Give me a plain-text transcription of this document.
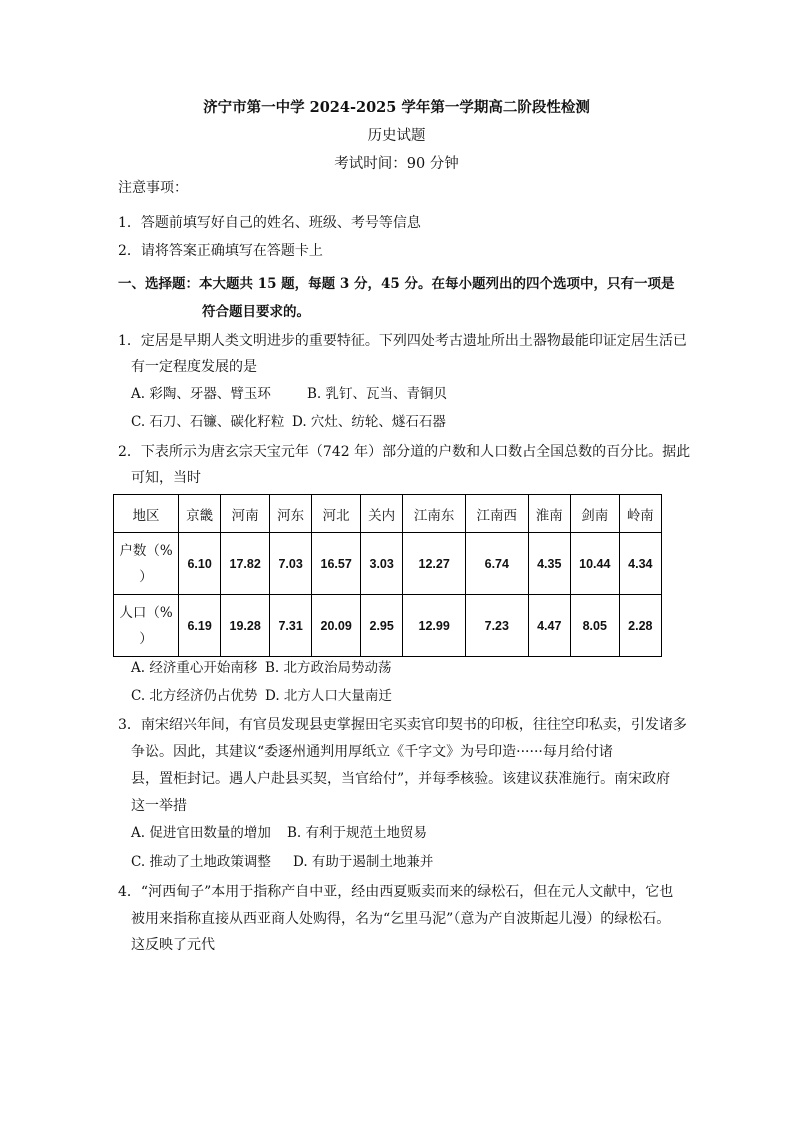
济宁市第一中学 2024-2025 学年第一学期高二阶段性检测
历史试题
考试时间：90 分钟
注意事项：
1．答题前填写好自己的姓名、班级、考号等信息
2．请将答案正确填写在答题卡上
一、选择题：本大题共 15 题，每题 3 分，45 分。在每小题列出的四个选项中，只有一项是
符合题目要求的。
1．定居是早期人类文明进步的重要特征。下列四处考古遗址所出土器物最能印证定居生活已
有一定程度发展的是
A. 彩陶、牙器、臂玉环	B. 乳钉、瓦当、青铜贝
C. 石刀、石镰、碳化籽粒 D. 穴灶、纺轮、燧石石器
2．下表所示为唐玄宗天宝元年（742 年）部分道的户数和人口数占全国总数的百分比。据此
可知，当时
地区	京畿	河南	河东	河北	关内	江南东	江南西	淮南	剑南	岭南

户数（%
）	6.10	17.82	7.03	16.57	3.03	12.27	6.74	4.35	10.44	4.34

人口（%
）	6.19	19.28	7.31	20.09	2.95	12.99	7.23	4.47	8.05	2.28
A. 经济重心开始南移 B. 北方政治局势动荡
C. 北方经济仍占优势 D. 北方人口大量南迁
3．南宋绍兴年间，有官员发现县吏掌握田宅买卖官印契书的印板，往往空印私卖，引发诸多
争讼。因此，其建议“委逐州通判用厚纸立《千字文》为号印造······每月给付诸
县，置柜封记。遇人户赴县买契，当官给付”，并每季核验。该建议获准施行。南宋政府
这一举措
A. 促进官田数量的增加 B. 有利于规范土地贸易
C. 推动了土地政策调整 D. 有助于遏制土地兼并
4．“河西甸子”本用于指称产自中亚，经由西夏贩卖而来的绿松石，但在元人文献中，它也
被用来指称直接从西亚商人处购得，名为“乞里马泥”（意为产自波斯起儿漫）的绿松石。
这反映了元代
